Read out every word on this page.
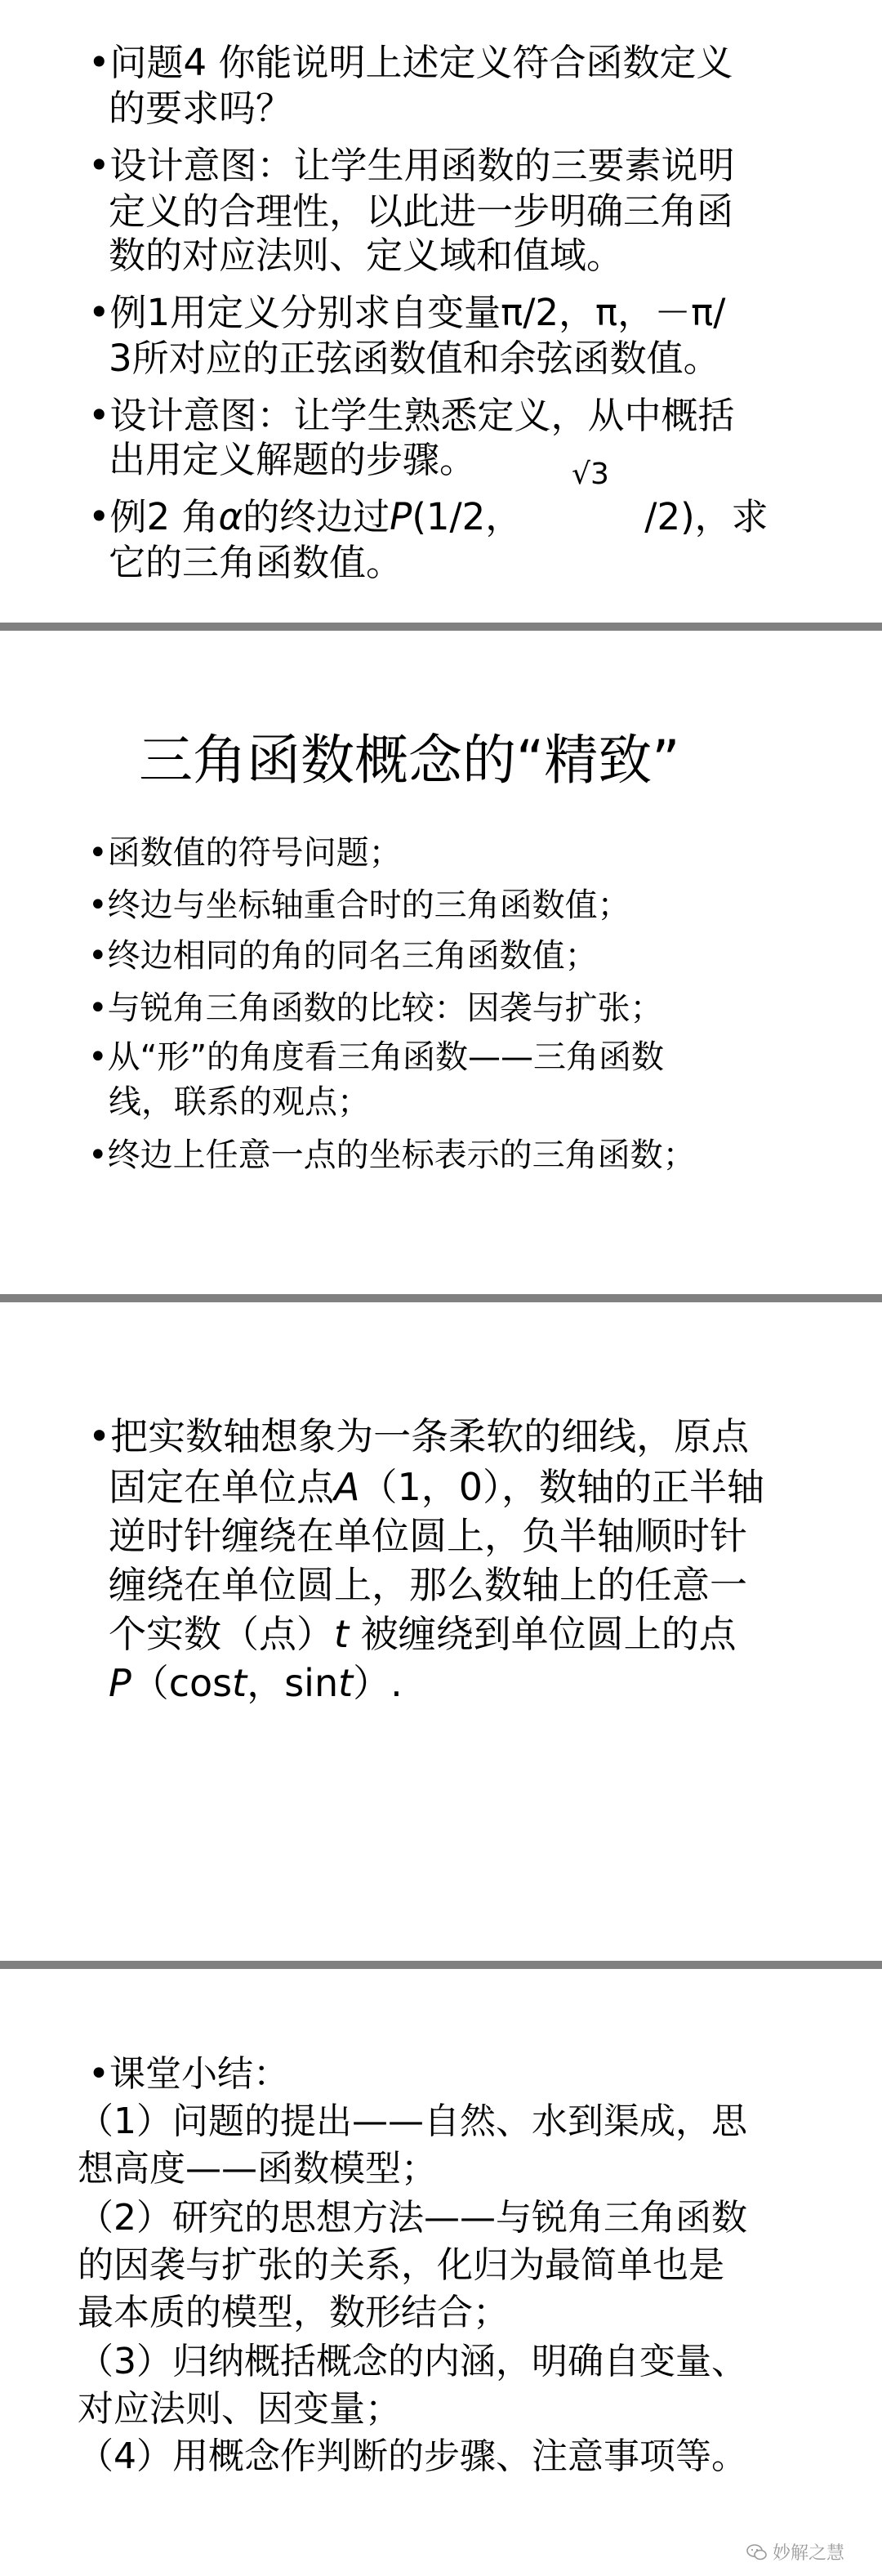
•问题4 你能说明上述定义符合函数定义
的要求吗？
•设计意图：让学生用函数的三要素说明
定义的合理性，以此进一步明确三角函
数的对应法则、定义域和值域。
•例1用定义分别求自变量π/2，π，－π/
3所对应的正弦函数值和余弦函数值。
•设计意图：让学生熟悉定义，从中概括
出用定义解题的步骤。
•例2 角α的终边过P(1/2，	/2)，求
√3
它的三角函数值。
三角函数概念的“精致”
•函数值的符号问题；
•终边与坐标轴重合时的三角函数值；
•终边相同的角的同名三角函数值；
•与锐角三角函数的比较：因袭与扩张；
•从“形”的角度看三角函数——三角函数
线，联系的观点；
•终边上任意一点的坐标表示的三角函数；
•把实数轴想象为一条柔软的细线，原点
固定在单位点A（1，0），数轴的正半轴
逆时针缠绕在单位圆上，负半轴顺时针
缠绕在单位圆上，那么数轴上的任意一
个实数（点）t 被缠绕到单位圆上的点
P（cost，sint）.
•课堂小结：
（1）问题的提出——自然、水到渠成，思
想高度——函数模型；
（2）研究的思想方法——与锐角三角函数
的因袭与扩张的关系，化归为最简单也是
最本质的模型，数形结合；
（3）归纳概括概念的内涵，明确自变量、
对应法则、因变量；
（4）用概念作判断的步骤、注意事项等。
妙解之慧
